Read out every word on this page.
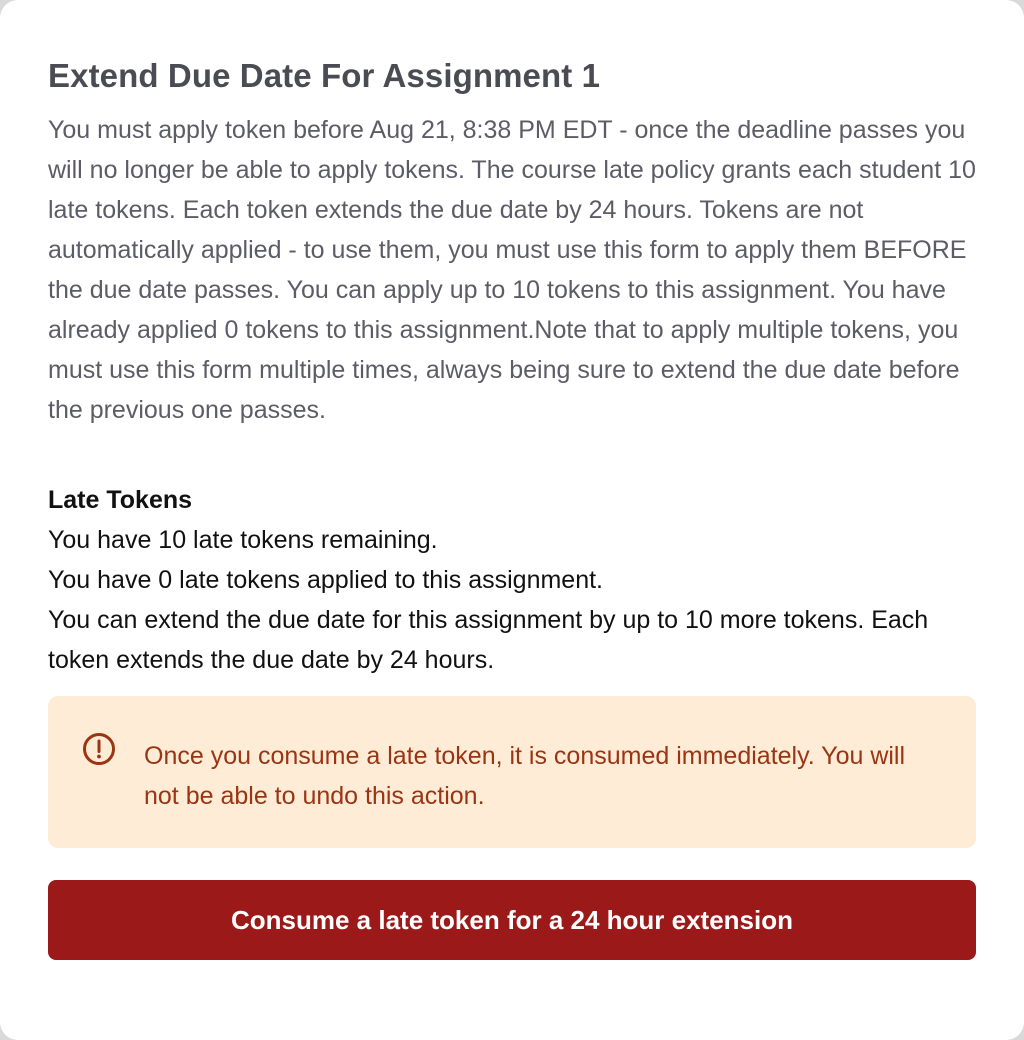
Extend Due Date For Assignment 1

You must apply token before Aug 21, 8:38 PM EDT - once the deadline passes you will no longer be able to apply tokens. The course late policy grants each student 10 late tokens. Each token extends the due date by 24 hours. Tokens are not automatically applied - to use them, you must use this form to apply them BEFORE the due date passes. You can apply up to 10 tokens to this assignment. You have already applied 0 tokens to this assignment.Note that to apply multiple tokens, you must use this form multiple times, always being sure to extend the due date before the previous one passes.

Late Tokens

You have 10 late tokens remaining.

You have 0 late tokens applied to this assignment.

You can extend the due date for this assignment by up to 10 more tokens. Each token extends the due date by 24 hours.

Once you consume a late token, it is consumed immediately. You will not be able to undo this action.

Consume a late token for a 24 hour extension
